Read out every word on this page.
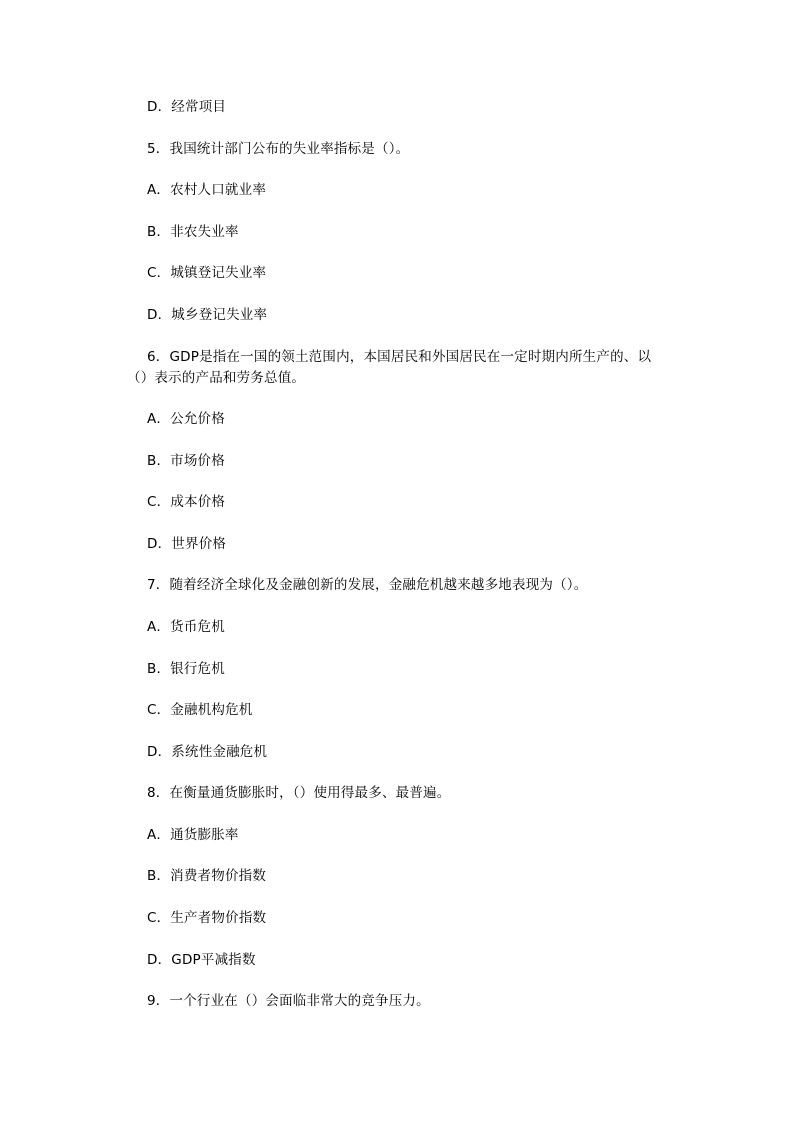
D．经常项目
5．我国统计部门公布的失业率指标是（）。
A．农村人口就业率
B．非农失业率
C．城镇登记失业率
D．城乡登记失业率
6．GDP是指在一国的领土范围内，本国居民和外国居民在一定时期内所生产的、以（）表示的产品和劳务总值。
A．公允价格
B．市场价格
C．成本价格
D．世界价格
7．随着经济全球化及金融创新的发展，金融危机越来越多地表现为（）。
A．货币危机
B．银行危机
C．金融机构危机
D．系统性金融危机
8．在衡量通货膨胀时，（）使用得最多、最普遍。
A．通货膨胀率
B．消费者物价指数
C．生产者物价指数
D．GDP平减指数
9．一个行业在（）会面临非常大的竞争压力。
